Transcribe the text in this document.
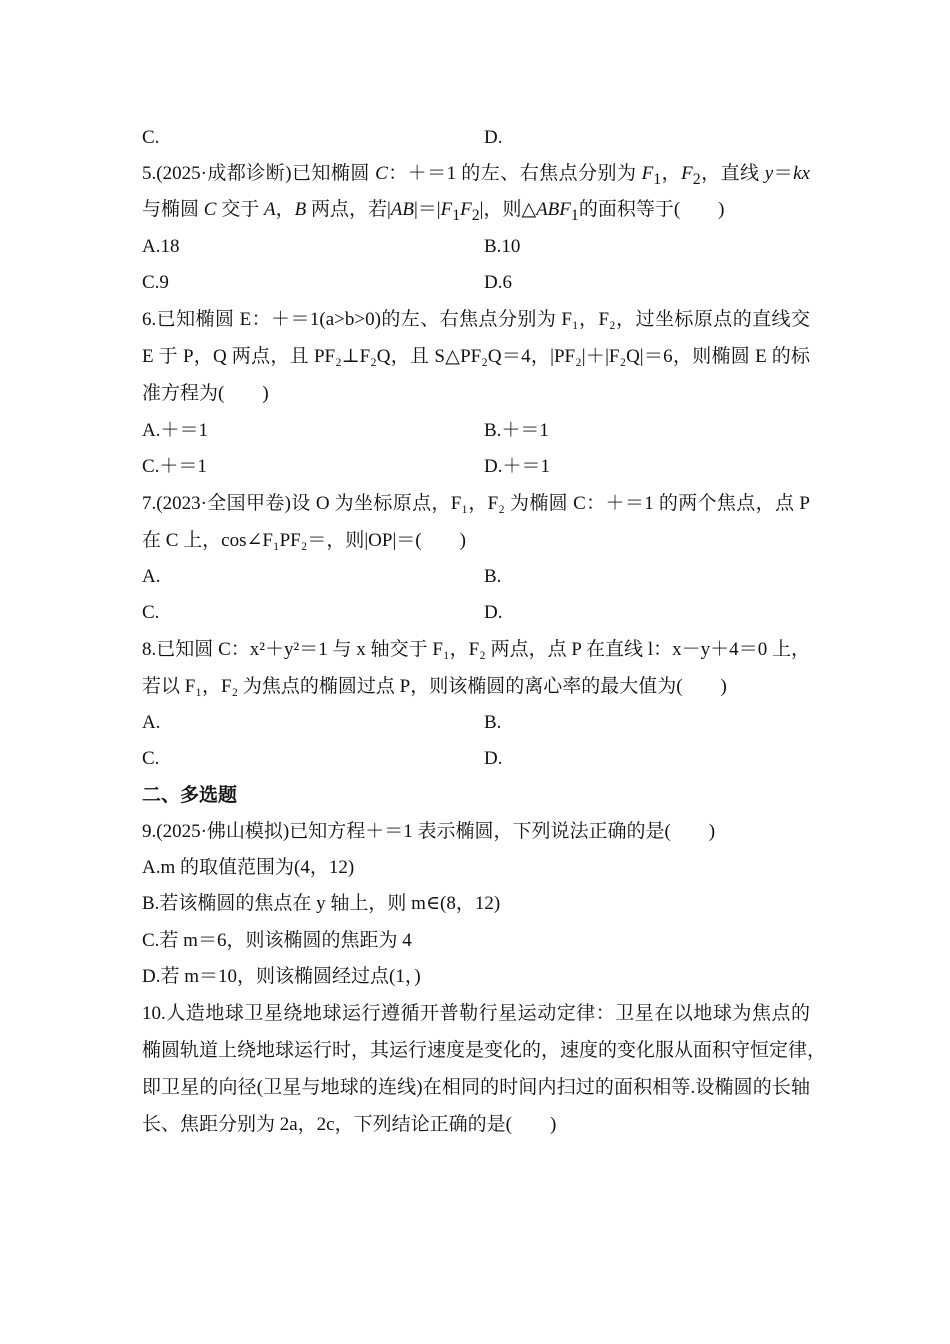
C.	D.
5.(2025·成都诊断)已知椭圆 C：＋＝1 的左、右焦点分别为 $F_1$，$F_2$，直线 y＝kx
与椭圆 C 交于 A，B 两点，若$|AB|=|F_1F_2|$，则$\triangle ABF_1$的面积等于(　　)
A.18	B.10
C.9	D.6
6.已知椭圆 E：＋＝1(a>b>0)的左、右焦点分别为 F₁，F₂，过坐标原点的直线交
E 于 P，Q 两点，且 PF₂⊥F₂Q，且 S△PF₂Q＝4，|PF₂|＋|F₂Q|＝6，则椭圆 E 的标
准方程为(　　)
A.＋＝1	B.＋＝1
C.＋＝1	D.＋＝1
7.(2023·全国甲卷)设 O 为坐标原点，F₁，F₂ 为椭圆 C：＋＝1 的两个焦点，点 P
在 C 上，cos∠F₁PF₂＝，则|OP|＝(　　)
A.	B.
C.	D.
8.已知圆 C：x²＋y²＝1 与 x 轴交于 F₁，F₂ 两点，点 P 在直线 l：x－y＋4＝0 上，
若以 F₁，F₂ 为焦点的椭圆过点 P，则该椭圆的离心率的最大值为(　　)
A.	B.
C.	D.
二、多选题
9.(2025·佛山模拟)已知方程＋＝1 表示椭圆，下列说法正确的是(　　)
A.m 的取值范围为(4，12)
B.若该椭圆的焦点在 y 轴上，则 m∈(8，12)
C.若 m＝6，则该椭圆的焦距为 4
D.若 m＝10，则该椭圆经过点(1，)
10.人造地球卫星绕地球运行遵循开普勒行星运动定律：卫星在以地球为焦点的
椭圆轨道上绕地球运行时，其运行速度是变化的，速度的变化服从面积守恒定律，
即卫星的向径(卫星与地球的连线)在相同的时间内扫过的面积相等.设椭圆的长轴
长、焦距分别为 2a，2c，下列结论正确的是(　　)
